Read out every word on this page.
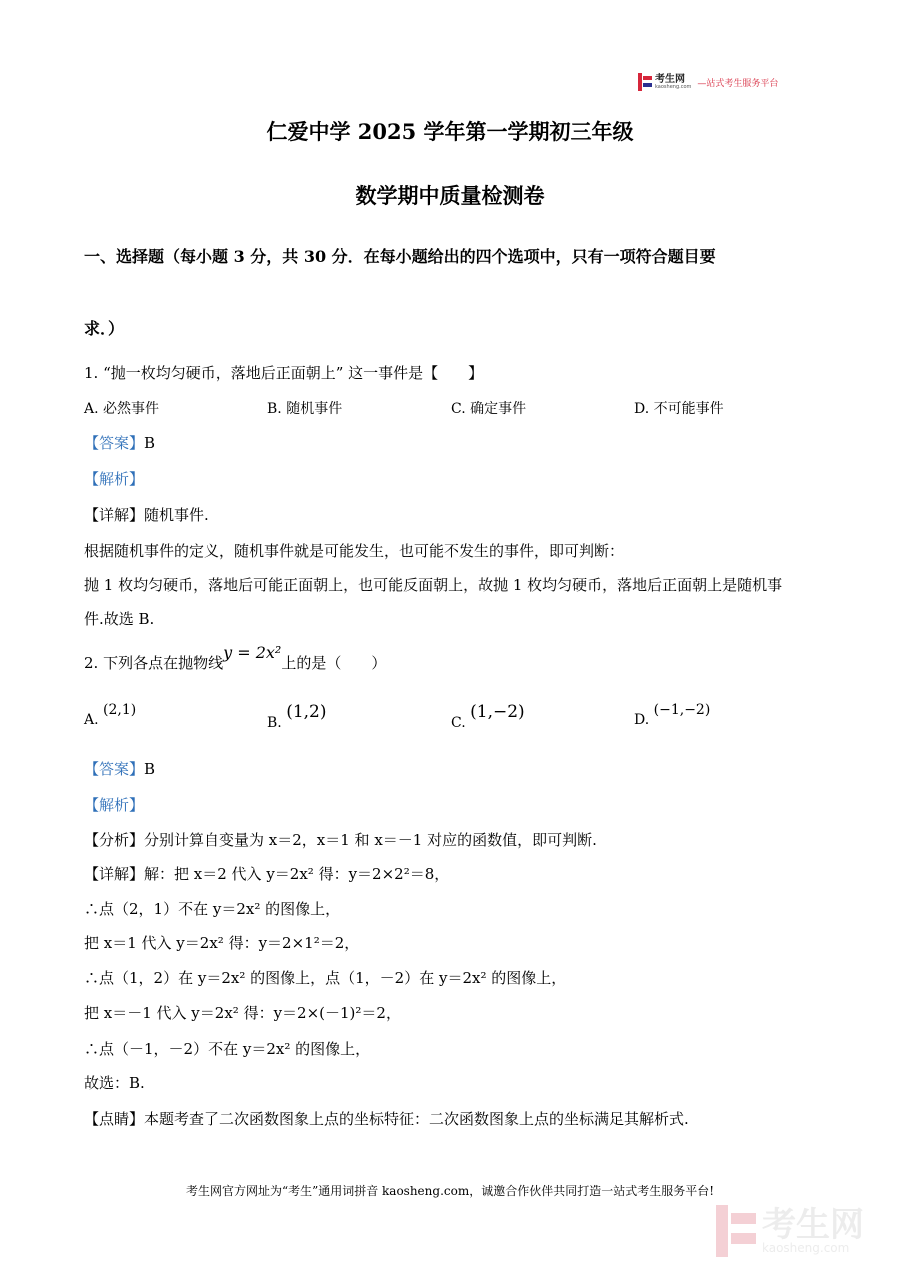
考生网
kaosheng.com —站式考生服务平台
仁爱中学 2025 学年第一学期初三年级
数学期中质量检测卷
一、选择题（每小题 3 分，共 30 分．在每小题给出的四个选项中，只有一项符合题目要
求．）
1. “抛一枚均匀硬币，落地后正面朝上” 这一事件是【　　】
A. 必然事件	B. 随机事件	C. 确定事件	D. 不可能事件
【答案】B
【解析】
【详解】随机事件.
根据随机事件的定义，随机事件就是可能发生，也可能不发生的事件，即可判断：
抛 1 枚均匀硬币，落地后可能正面朝上，也可能反面朝上，故抛 1 枚均匀硬币，落地后正面朝上是随机事
件.故选 B.
2. 下列各点在抛物线y = 2x²上的是（　　）
A. (2,1)
B. (1,2)
C. (1,−2)	D. (−1,−2)
【答案】B
【解析】
【分析】分别计算自变量为 x＝2，x＝1 和 x＝－1 对应的函数值，即可判断.
【详解】解：把 x＝2 代入 y＝2x² 得：y＝2×2²＝8，
∴点（2，1）不在 y＝2x² 的图像上，
把 x＝1 代入 y＝2x² 得：y＝2×1²＝2，
∴点（1，2）在 y＝2x² 的图像上，点（1，－2）在 y＝2x² 的图像上，
把 x＝－1 代入 y＝2x² 得：y＝2×(－1)²＝2，
∴点（－1，－2）不在 y＝2x² 的图像上，
故选：B.
【点睛】本题考查了二次函数图象上点的坐标特征：二次函数图象上点的坐标满足其解析式.
考生网官方网址为“考生”通用词拼音 kaosheng.com，诚邀合作伙伴共同打造一站式考生服务平台!
考生网
kaosheng.com
